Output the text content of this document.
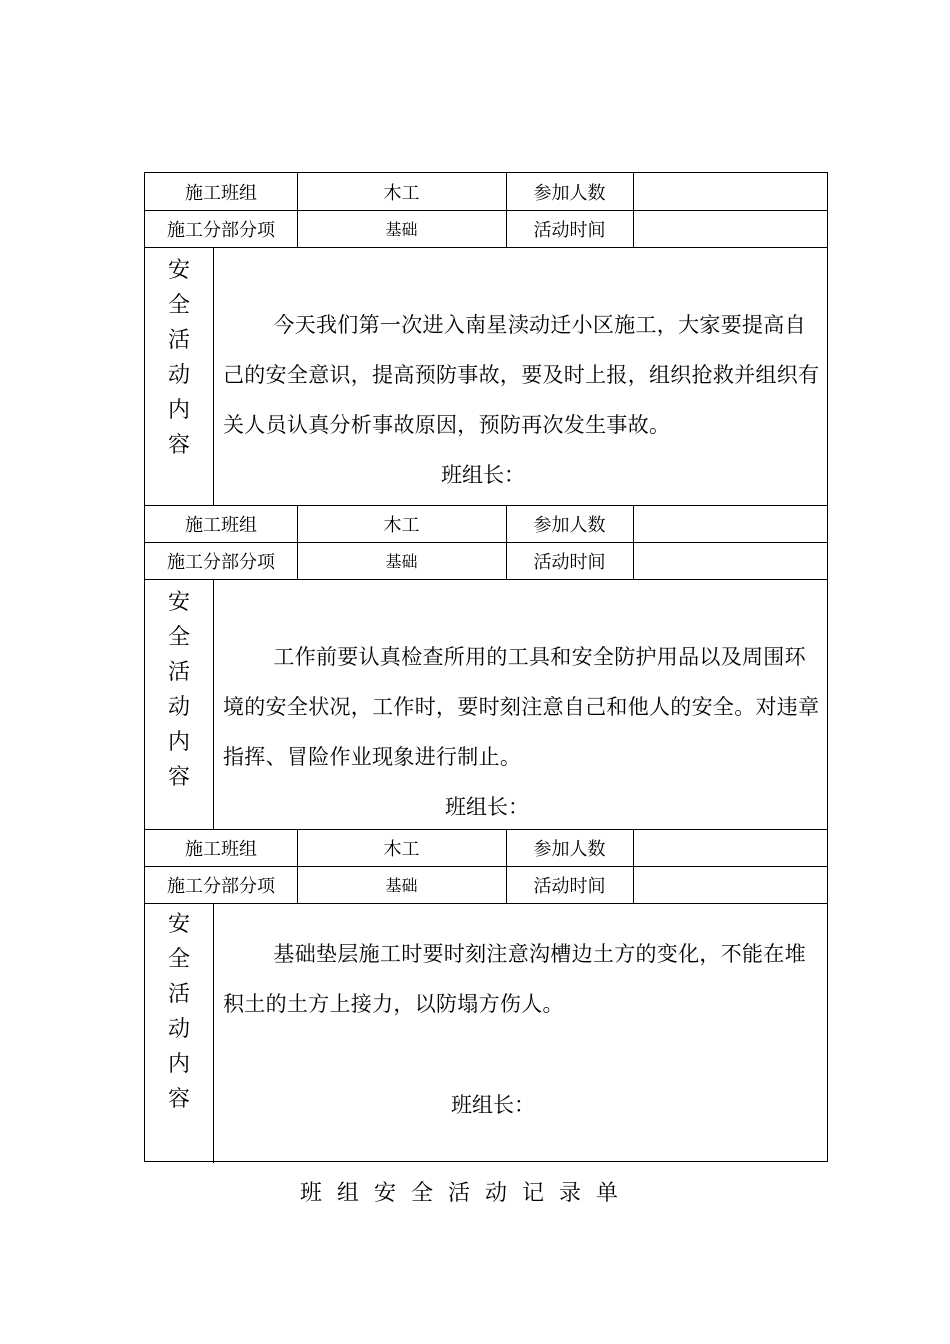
施工班组	木工	参加人数
施工分部分项	基础	活动时间
安
全
活
动
内
容
今天我们第一次进入南星渎动迁小区施工，大家要提高自己的安全意识，提高预防事故，要及时上报，组织抢救并组织有关人员认真分析事故原因，预防再次发生事故。
班组长：
施工班组	木工	参加人数
施工分部分项	基础	活动时间
安
全
活
动
内
容
工作前要认真检查所用的工具和安全防护用品以及周围环境的安全状况，工作时，要时刻注意自己和他人的安全。对违章指挥、冒险作业现象进行制止。
班组长：
施工班组	木工	参加人数
施工分部分项	基础	活动时间
安
全
活
动
内
容
基础垫层施工时要时刻注意沟槽边土方的变化，不能在堆积土的土方上接力，以防塌方伤人。
班组长：
班组安全活动记录单
